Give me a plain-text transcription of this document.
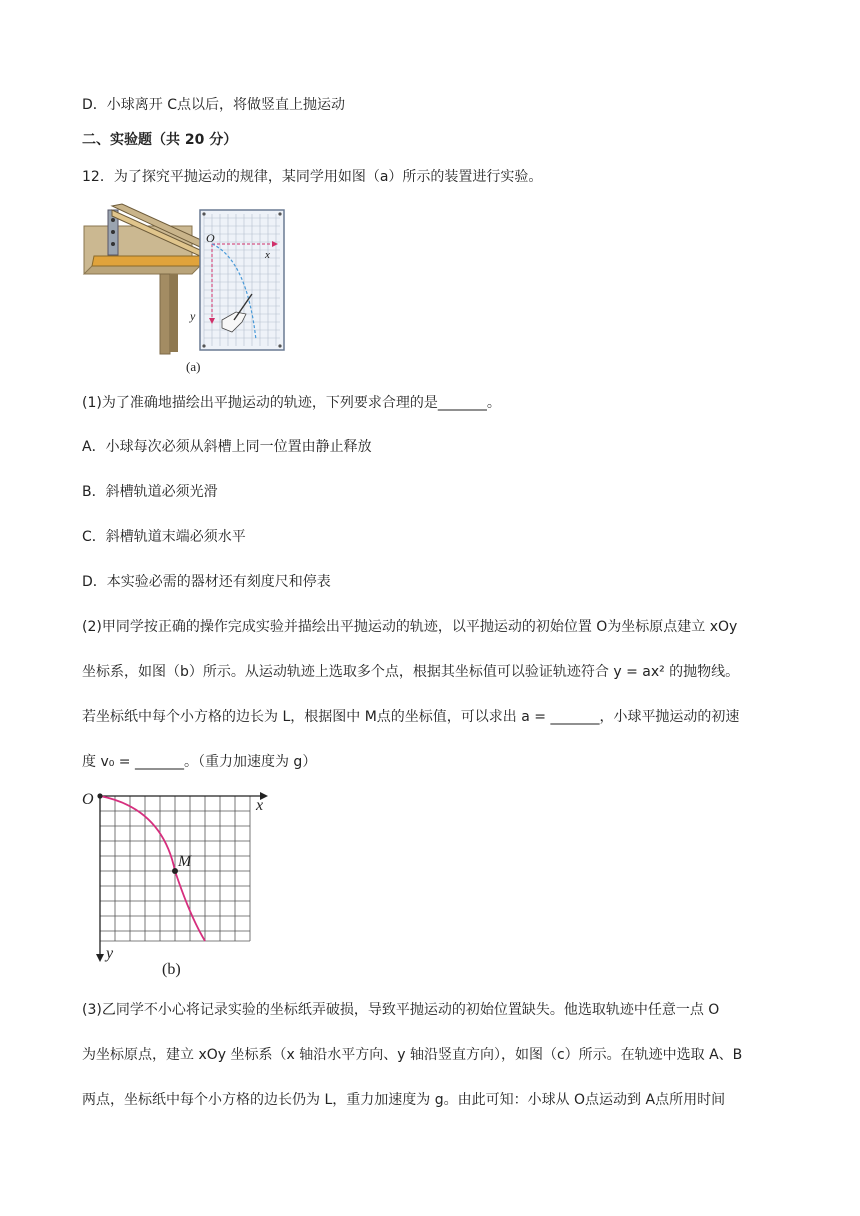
D．小球离开 C点以后，将做竖直上抛运动
二、实验题（共 20 分）
12．为了探究平抛运动的规律，某同学用如图（a）所示的装置进行实验。
O
x
y
(a)
(1)为了准确地描绘出平抛运动的轨迹，下列要求合理的是_______。
A．小球每次必须从斜槽上同一位置由静止释放
B．斜槽轨道必须光滑
C．斜槽轨道末端必须水平
D．本实验必需的器材还有刻度尺和停表
(2)甲同学按正确的操作完成实验并描绘出平抛运动的轨迹，以平抛运动的初始位置 O为坐标原点建立 xOy
坐标系，如图（b）所示。从运动轨迹上选取多个点，根据其坐标值可以验证轨迹符合 y = ax² 的抛物线。
若坐标纸中每个小方格的边长为 L，根据图中 M点的坐标值，可以求出 a = _______，小球平抛运动的初速
度 v₀ = _______。（重力加速度为 g）
O	x
y
M
(b)
(3)乙同学不小心将记录实验的坐标纸弄破损，导致平抛运动的初始位置缺失。他选取轨迹中任意一点 O
为坐标原点，建立 xOy 坐标系（x 轴沿水平方向、y 轴沿竖直方向），如图（c）所示。在轨迹中选取 A、B
两点，坐标纸中每个小方格的边长仍为 L，重力加速度为 g。由此可知：小球从 O点运动到 A点所用时间
